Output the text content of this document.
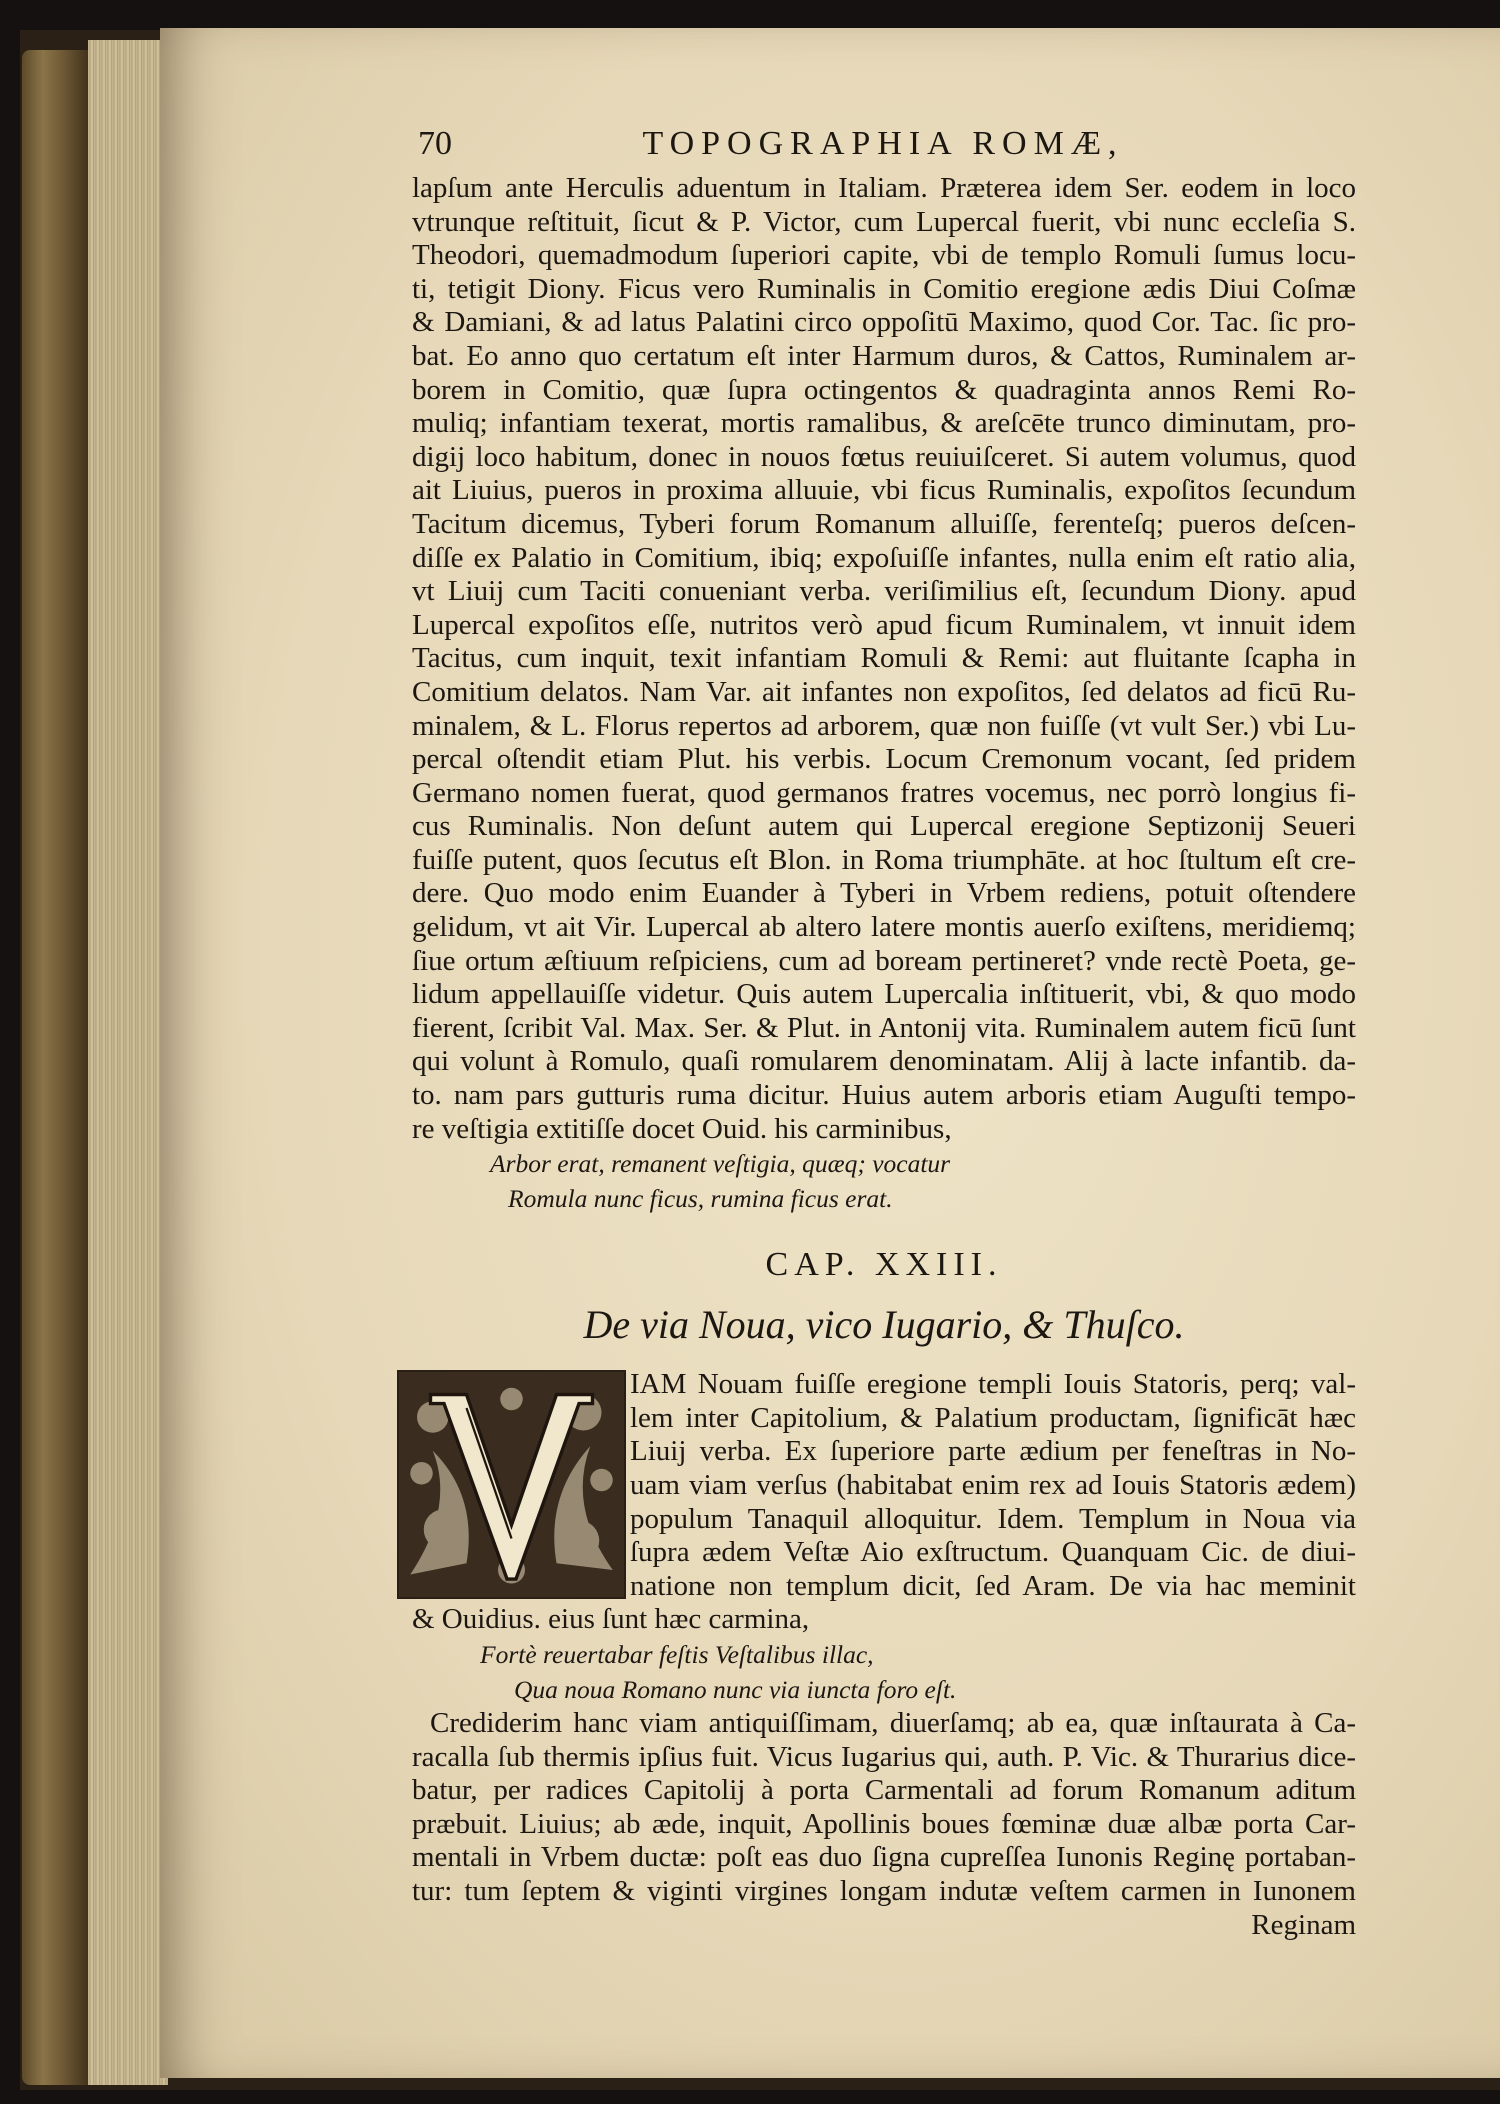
70	TOPOGRAPHIA ROMÆ,
lapſum ante Herculis aduentum in Italiam. Præterea idem Ser. eodem in loco
vtrunque reſtituit, ſicut & P. Victor, cum Lupercal fuerit, vbi nunc eccleſia S.
Theodori, quemadmodum ſuperiori capite, vbi de templo Romuli ſumus locu-
ti, tetigit Diony. Ficus vero Ruminalis in Comitio eregione ædis Diui Coſmæ
& Damiani, & ad latus Palatini circo oppoſitū Maximo, quod Cor. Tac. ſic pro-
bat. Eo anno quo certatum eſt inter Harmum duros, & Cattos, Ruminalem ar-
borem in Comitio, quæ ſupra octingentos & quadraginta annos Remi Ro-
muliq; infantiam texerat, mortis ramalibus, & areſcēte trunco diminutam, pro-
digij loco habitum, donec in nouos fœtus reuiuiſceret. Si autem volumus, quod
ait Liuius, pueros in proxima alluuie, vbi ficus Ruminalis, expoſitos ſecundum
Tacitum dicemus, Tyberi forum Romanum alluiſſe, ferenteſq; pueros deſcen-
diſſe ex Palatio in Comitium, ibiq; expoſuiſſe infantes, nulla enim eſt ratio alia,
vt Liuij cum Taciti conueniant verba. veriſimilius eſt, ſecundum Diony. apud
Lupercal expoſitos eſſe, nutritos verò apud ficum Ruminalem, vt innuit idem
Tacitus, cum inquit, texit infantiam Romuli & Remi: aut fluitante ſcapha in
Comitium delatos. Nam Var. ait infantes non expoſitos, ſed delatos ad ficū Ru-
minalem, & L. Florus repertos ad arborem, quæ non fuiſſe (vt vult Ser.) vbi Lu-
percal oſtendit etiam Plut. his verbis. Locum Cremonum vocant, ſed pridem
Germano nomen fuerat, quod germanos fratres vocemus, nec porrò longius fi-
cus Ruminalis. Non deſunt autem qui Lupercal eregione Septizonij Seueri
fuiſſe putent, quos ſecutus eſt Blon. in Roma triumphāte. at hoc ſtultum eſt cre-
dere. Quo modo enim Euander à Tyberi in Vrbem rediens, potuit oſtendere
gelidum, vt ait Vir. Lupercal ab altero latere montis auerſo exiſtens, meridiemq;
ſiue ortum æſtiuum reſpiciens, cum ad boream pertineret? vnde rectè Poeta, ge-
lidum appellauiſſe videtur. Quis autem Lupercalia inſtituerit, vbi, & quo modo
fierent, ſcribit Val. Max. Ser. & Plut. in Antonij vita. Ruminalem autem ficū ſunt
qui volunt à Romulo, quaſi romularem denominatam. Alij à lacte infantib. da-
to. nam pars gutturis ruma dicitur. Huius autem arboris etiam Auguſti tempo-
re veſtigia extitiſſe docet Ouid. his carminibus,
Arbor erat, remanent veſtigia, quæq; vocatur
Romula nunc ficus, rumina ficus erat.
CAP. XXIII.
De via Noua, vico Iugario, & Thuſco.
IAM Nouam fuiſſe eregione templi Iouis Statoris, perq; val-
lem inter Capitolium, & Palatium productam, ſignificāt hæc
Liuij verba. Ex ſuperiore parte ædium per feneſtras in No-
uam viam verſus (habitabat enim rex ad Iouis Statoris ædem)
populum Tanaquil alloquitur. Idem. Templum in Noua via
ſupra ædem Veſtæ Aio exſtructum. Quanquam Cic. de diui-
natione non templum dicit, ſed Aram. De via hac meminit
& Ouidius. eius ſunt hæc carmina,
Fortè reuertabar feſtis Veſtalibus illac,
Qua noua Romano nunc via iuncta foro eſt.
Crediderim hanc viam antiquiſſimam, diuerſamq; ab ea, quæ inſtaurata à Ca-
racalla ſub thermis ipſius fuit. Vicus Iugarius qui, auth. P. Vic. & Thurarius dice-
batur, per radices Capitolij à porta Carmentali ad forum Romanum aditum
præbuit. Liuius; ab æde, inquit, Apollinis boues fœminæ duæ albæ porta Car-
mentali in Vrbem ductæ: poſt eas duo ſigna cupreſſea Iunonis Reginę portaban-
tur: tum ſeptem & viginti virgines longam indutæ veſtem carmen in Iunonem
Reginam
